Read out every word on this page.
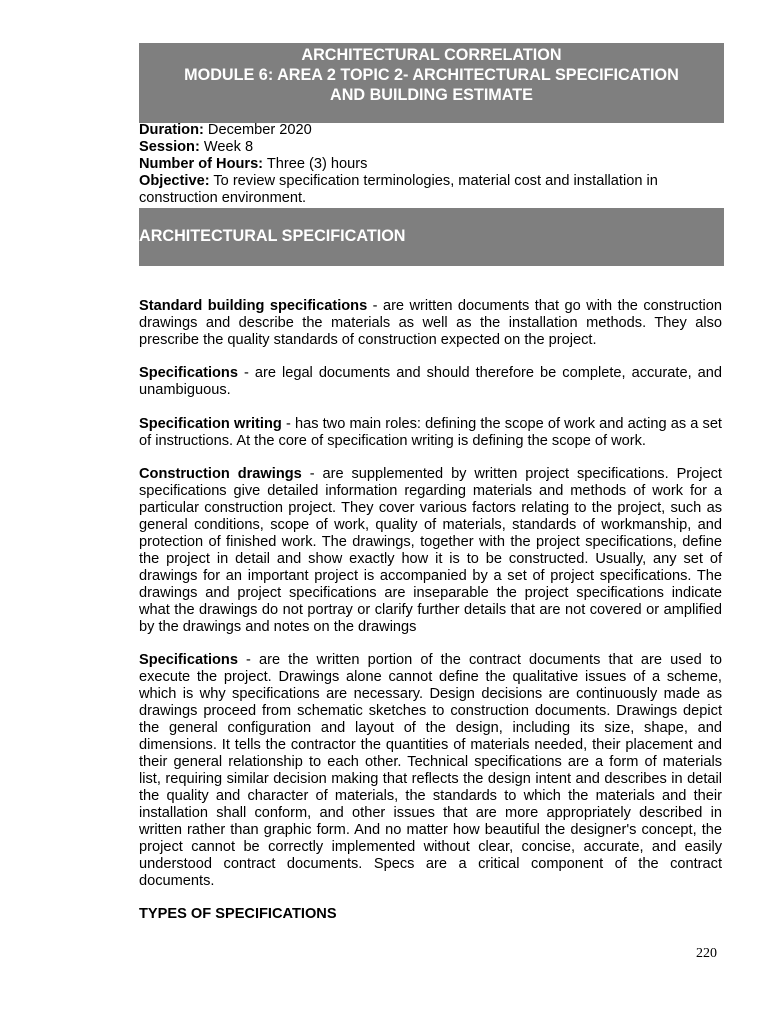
ARCHITECTURAL CORRELATION
MODULE 6: AREA 2 TOPIC 2- ARCHITECTURAL SPECIFICATION
AND BUILDING ESTIMATE
Duration: December 2020
Session: Week 8
Number of Hours: Three (3) hours
Objective: To review specification terminologies, material cost and installation in construction environment.
ARCHITECTURAL SPECIFICATION

Standard building specifications - are written documents that go with the construction drawings and describe the materials as well as the installation methods. They also prescribe the quality standards of construction expected on the project.

Specifications - are legal documents and should therefore be complete, accurate, and unambiguous.

Specification writing - has two main roles: defining the scope of work and acting as a set of instructions. At the core of specification writing is defining the scope of work.

Construction drawings - are supplemented by written project specifications. Project specifications give detailed information regarding materials and methods of work for a particular construction project. They cover various factors relating to the project, such as general conditions, scope of work, quality of materials, standards of workmanship, and protection of finished work. The drawings, together with the project specifications, define the project in detail and show exactly how it is to be constructed. Usually, any set of drawings for an important project is accompanied by a set of project specifications. The drawings and project specifications are inseparable the project specifications indicate what the drawings do not portray or clarify further details that are not covered or amplified by the drawings and notes on the drawings

Specifications - are the written portion of the contract documents that are used to execute the project. Drawings alone cannot define the qualitative issues of a scheme, which is why specifications are necessary. Design decisions are continuously made as drawings proceed from schematic sketches to construction documents. Drawings depict the general configuration and layout of the design, including its size, shape, and dimensions. It tells the contractor the quantities of materials needed, their placement and their general relationship to each other. Technical specifications are a form of materials list, requiring similar decision making that reflects the design intent and describes in detail the quality and character of materials, the standards to which the materials and their installation shall conform, and other issues that are more appropriately described in written rather than graphic form. And no matter how beautiful the designer's concept, the project cannot be correctly implemented without clear, concise, accurate, and easily understood contract documents. Specs are a critical component of the contract documents.

TYPES OF SPECIFICATIONS
220
